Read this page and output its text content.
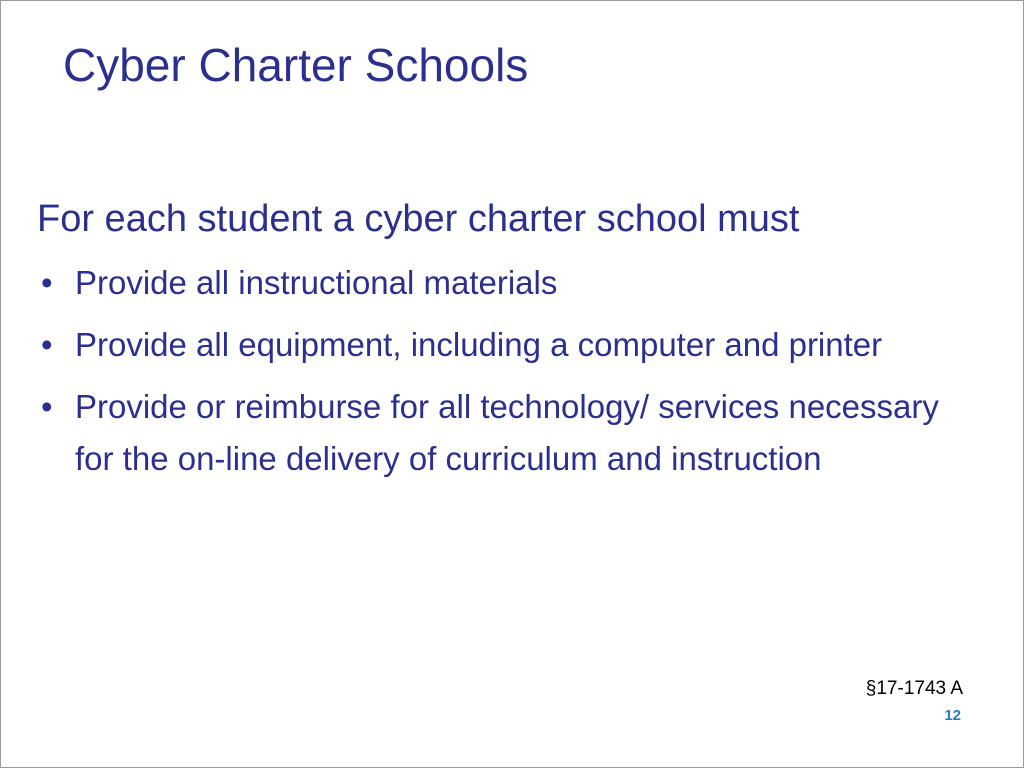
Cyber Charter Schools

For each student a cyber charter school must

• Provide all instructional materials
• Provide all equipment, including a computer and printer
• Provide or reimburse for all technology/ services necessary for the on-line delivery of curriculum and instruction
§17-1743 A
12
